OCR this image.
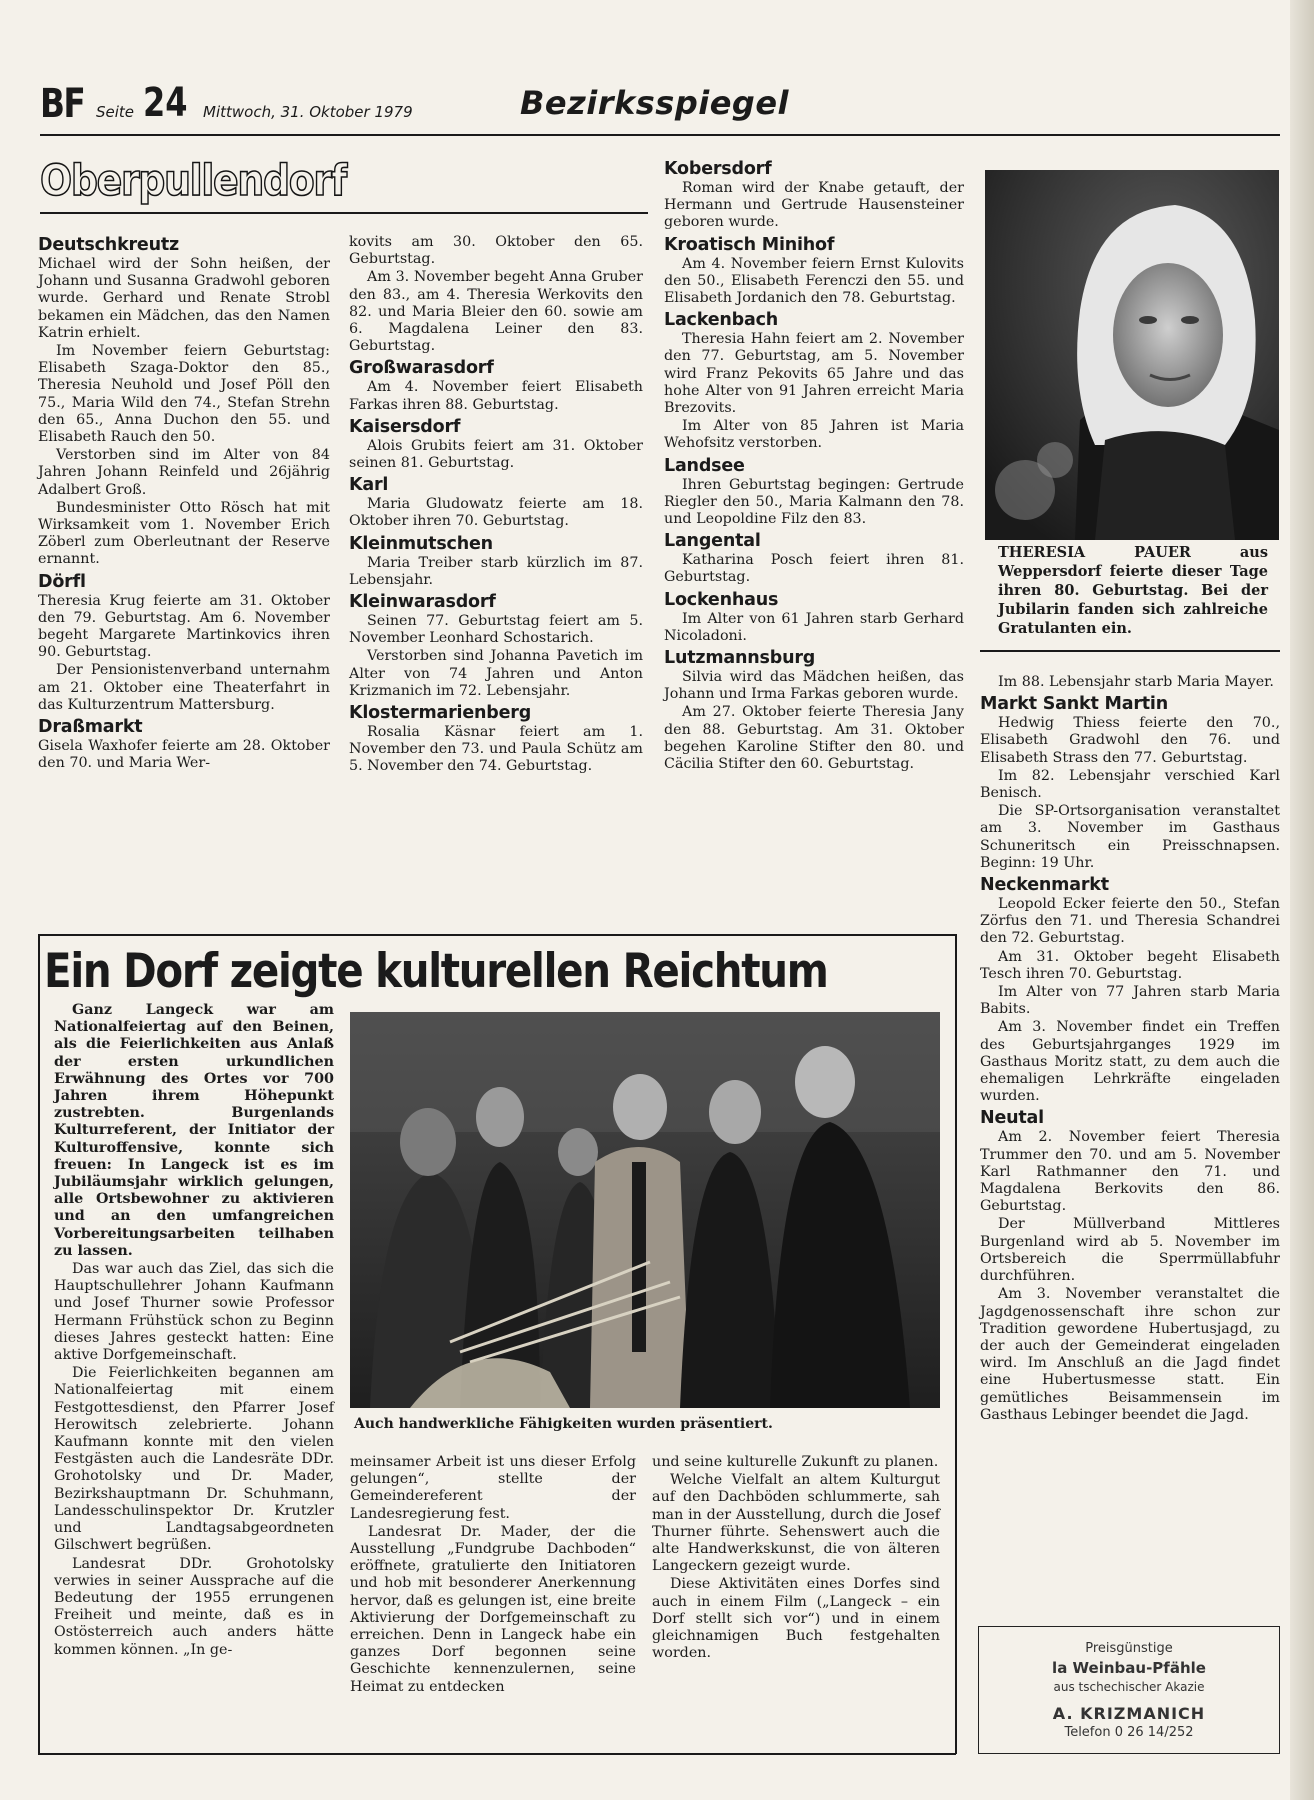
BF Seite 24 Mittwoch, 31. Oktober 1979	Bezirksspiegel
Oberpullendorf
Deutschkreutz

Michael wird der Sohn heißen, der Johann und Susanna Gradwohl geboren wurde. Gerhard und Renate Strobl bekamen ein Mädchen, das den Namen Katrin erhielt.

Im November feiern Geburtstag: Elisabeth Szaga-Doktor den 85., Theresia Neuhold und Josef Pöll den 75., Maria Wild den 74., Stefan Strehn den 65., Anna Duchon den 55. und Elisabeth Rauch den 50.

Verstorben sind im Alter von 84 Jahren Johann Reinfeld und 26jährig Adalbert Groß.

Bundesminister Otto Rösch hat mit Wirksamkeit vom 1. November Erich Zöberl zum Oberleutnant der Reserve ernannt.

Dörfl

Theresia Krug feierte am 31. Oktober den 79. Geburtstag. Am 6. November begeht Margarete Martinkovics ihren 90. Geburtstag.

Der Pensionistenverband unternahm am 21. Oktober eine Theaterfahrt in das Kulturzentrum Mattersburg.

Draßmarkt

Gisela Waxhofer feierte am 28. Oktober den 70. und Maria Wer-

kovits am 30. Oktober den 65. Geburtstag.

Am 3. November begeht Anna Gruber den 83., am 4. Theresia Werkovits den 82. und Maria Bleier den 60. sowie am 6. Magdalena Leiner den 83. Geburtstag.

Großwarasdorf

Am 4. November feiert Elisabeth Farkas ihren 88. Geburtstag.

Kaisersdorf

Alois Grubits feiert am 31. Oktober seinen 81. Geburtstag.

Karl

Maria Gludowatz feierte am 18. Oktober ihren 70. Geburtstag.

Kleinmutschen

Maria Treiber starb kürzlich im 87. Lebensjahr.

Kleinwarasdorf

Seinen 77. Geburtstag feiert am 5. November Leonhard Schostarich.

Verstorben sind Johanna Pavetich im Alter von 74 Jahren und Anton Krizmanich im 72. Lebensjahr.

Klostermarienberg

Rosalia Käsnar feiert am 1. November den 73. und Paula Schütz am 5. November den 74. Geburtstag.

Kobersdorf

Roman wird der Knabe getauft, der Hermann und Gertrude Hausensteiner geboren wurde.

Kroatisch Minihof

Am 4. November feiern Ernst Kulovits den 50., Elisabeth Ferenczi den 55. und Elisabeth Jordanich den 78. Geburtstag.

Lackenbach

Theresia Hahn feiert am 2. November den 77. Geburtstag, am 5. November wird Franz Pekovits 65 Jahre und das hohe Alter von 91 Jahren erreicht Maria Brezovits.

Im Alter von 85 Jahren ist Maria Wehofsitz verstorben.

Landsee

Ihren Geburtstag begingen: Gertrude Riegler den 50., Maria Kalmann den 78. und Leopoldine Filz den 83.

Langental

Katharina Posch feiert ihren 81. Geburtstag.

Lockenhaus

Im Alter von 61 Jahren starb Gerhard Nicoladoni.

Lutzmannsburg

Silvia wird das Mädchen heißen, das Johann und Irma Farkas geboren wurde.

Am 27. Oktober feierte Theresia Jany den 88. Geburtstag. Am 31. Oktober begehen Karoline Stifter den 80. und Cäcilia Stifter den 60. Geburtstag.

THERESIA PAUER aus Weppersdorf feierte dieser Tage ihren 80. Geburtstag. Bei der Jubilarin fanden sich zahlreiche Gratulanten ein.

Im 88. Lebensjahr starb Maria Mayer.

Markt Sankt Martin

Hedwig Thiess feierte den 70., Elisabeth Gradwohl den 76. und Elisabeth Strass den 77. Geburtstag.

Im 82. Lebensjahr verschied Karl Benisch.

Die SP-Ortsorganisation veranstaltet am 3. November im Gasthaus Schuneritsch ein Preisschnapsen. Beginn: 19 Uhr.

Neckenmarkt

Leopold Ecker feierte den 50., Stefan Zörfus den 71. und Theresia Schandrei den 72. Geburtstag.

Am 31. Oktober begeht Elisabeth Tesch ihren 70. Geburtstag.

Im Alter von 77 Jahren starb Maria Babits.

Am 3. November findet ein Treffen des Geburtsjahrganges 1929 im Gasthaus Moritz statt, zu dem auch die ehemaligen Lehrkräfte eingeladen wurden.

Neutal

Am 2. November feiert Theresia Trummer den 70. und am 5. November Karl Rathmanner den 71. und Magdalena Berkovits den 86. Geburtstag.

Der Müllverband Mittleres Burgenland wird ab 5. November im Ortsbereich die Sperrmüllabfuhr durchführen.

Am 3. November veranstaltet die Jagdgenossenschaft ihre schon zur Tradition gewordene Hubertusjagd, zu der auch der Gemeinderat eingeladen wird. Im Anschluß an die Jagd findet eine Hubertusmesse statt. Ein gemütliches Beisammensein im Gasthaus Lebinger beendet die Jagd.

Ein Dorf zeigte kulturellen Reichtum

Ganz Langeck war am Nationalfeiertag auf den Beinen, als die Feierlichkeiten aus Anlaß der ersten urkundlichen Erwähnung des Ortes vor 700 Jahren ihrem Höhepunkt zustrebten. Burgenlands Kulturreferent, der Initiator der Kulturoffensive, konnte sich freuen: In Langeck ist es im Jubiläumsjahr wirklich gelungen, alle Ortsbewohner zu aktivieren und an den umfangreichen Vorbereitungsarbeiten teilhaben zu lassen.

Das war auch das Ziel, das sich die Hauptschullehrer Johann Kaufmann und Josef Thurner sowie Professor Hermann Frühstück schon zu Beginn dieses Jahres gesteckt hatten: Eine aktive Dorfgemeinschaft.

Die Feierlichkeiten begannen am Nationalfeiertag mit einem Festgottesdienst, den Pfarrer Josef Herowitsch zelebrierte. Johann Kaufmann konnte mit den vielen Festgästen auch die Landesräte DDr. Grohotolsky und Dr. Mader, Bezirkshauptmann Dr. Schuhmann, Landesschulinspektor Dr. Krutzler und Landtagsabgeordneten Gilschwert begrüßen.

Landesrat DDr. Grohotolsky verwies in seiner Aussprache auf die Bedeutung der 1955 errungenen Freiheit und meinte, daß es in Ostösterreich auch anders hätte kommen können. „In ge-

Auch handwerkliche Fähigkeiten wurden präsentiert.

meinsamer Arbeit ist uns dieser Erfolg gelungen“, stellte der Gemeindereferent der Landesregierung fest.

Landesrat Dr. Mader, der die Ausstellung „Fundgrube Dachboden“ eröffnete, gratulierte den Initiatoren und hob mit besonderer Anerkennung hervor, daß es gelungen ist, eine breite Aktivierung der Dorfgemeinschaft zu erreichen. Denn in Langeck habe ein ganzes Dorf begonnen seine Geschichte kennenzulernen, seine Heimat zu entdecken

und seine kulturelle Zukunft zu planen.

Welche Vielfalt an altem Kulturgut auf den Dachböden schlummerte, sah man in der Ausstellung, durch die Josef Thurner führte. Sehenswert auch die alte Handwerkskunst, die von älteren Langeckern gezeigt wurde.

Diese Aktivitäten eines Dorfes sind auch in einem Film („Langeck – ein Dorf stellt sich vor“) und in einem gleichnamigen Buch festgehalten worden.	Preisgünstige
la Weinbau-Pfähle
aus tschechischer Akazie
A. KRIZMANICH
Telefon 0 26 14/252
